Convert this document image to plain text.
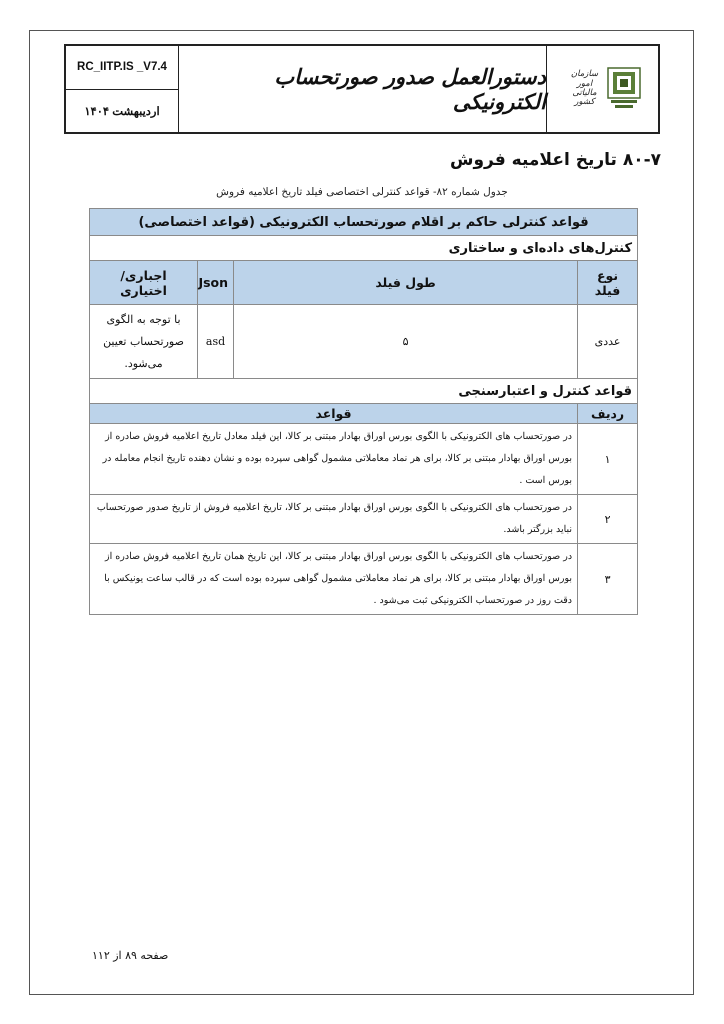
سازمان امور مالیاتی کشور
دستورالعمل صدور صورتحساب الکترونیکی
RC_IITP.IS _V7.4
اردیبهشت ۱۴۰۴
۸۰-۷ تاریخ اعلامیه فروش
جدول شماره ۸۲- قواعد کنترلی اختصاصی فیلد تاریخ اعلامیه فروش
قواعد کنترلی حاکم بر اقلام صورتحساب الکترونیکی (قواعد اختصاصی)			
کنترل‌های داده‌ای و ساختاری			
نوع فیلد	طول فیلد	Json	اجباری/ اختیاری
عددی	۵	asd	با توجه به الگوی صورتحساب تعیین می‌شود.
قواعد کنترل و اعتبارسنجی			
ردیف	قواعد		
۱	در صورتحساب های الکترونیکی با الگوی بورس اوراق بهادار مبتنی بر کالا، این فیلد معادل تاریخ اعلامیه فروش صادره از بورس اوراق بهادار مبتنی بر کالا، برای هر نماد معاملاتی مشمول گواهی سپرده بوده و نشان دهنده تاریخ انجام معامله در بورس است .		
۲	در صورتحساب های الکترونیکی با الگوی بورس اوراق بهادار مبتنی بر کالا، تاریخ اعلامیه فروش از تاریخ صدور صورتحساب نباید بزرگتر باشد.		
۳	در صورتحساب های الکترونیکی با الگوی بورس اوراق بهادار مبتنی بر کالا، این تاریخ همان تاریخ اعلامیه فروش صادره از بورس اوراق بهادار مبتنی بر کالا، برای هر نماد معاملاتی مشمول گواهی سپرده بوده است که در قالب ساعت یونیکس با دقت روز در صورتحساب الکترونیکی ثبت می‌شود .		
صفحه ۸۹ از ۱۱۲
